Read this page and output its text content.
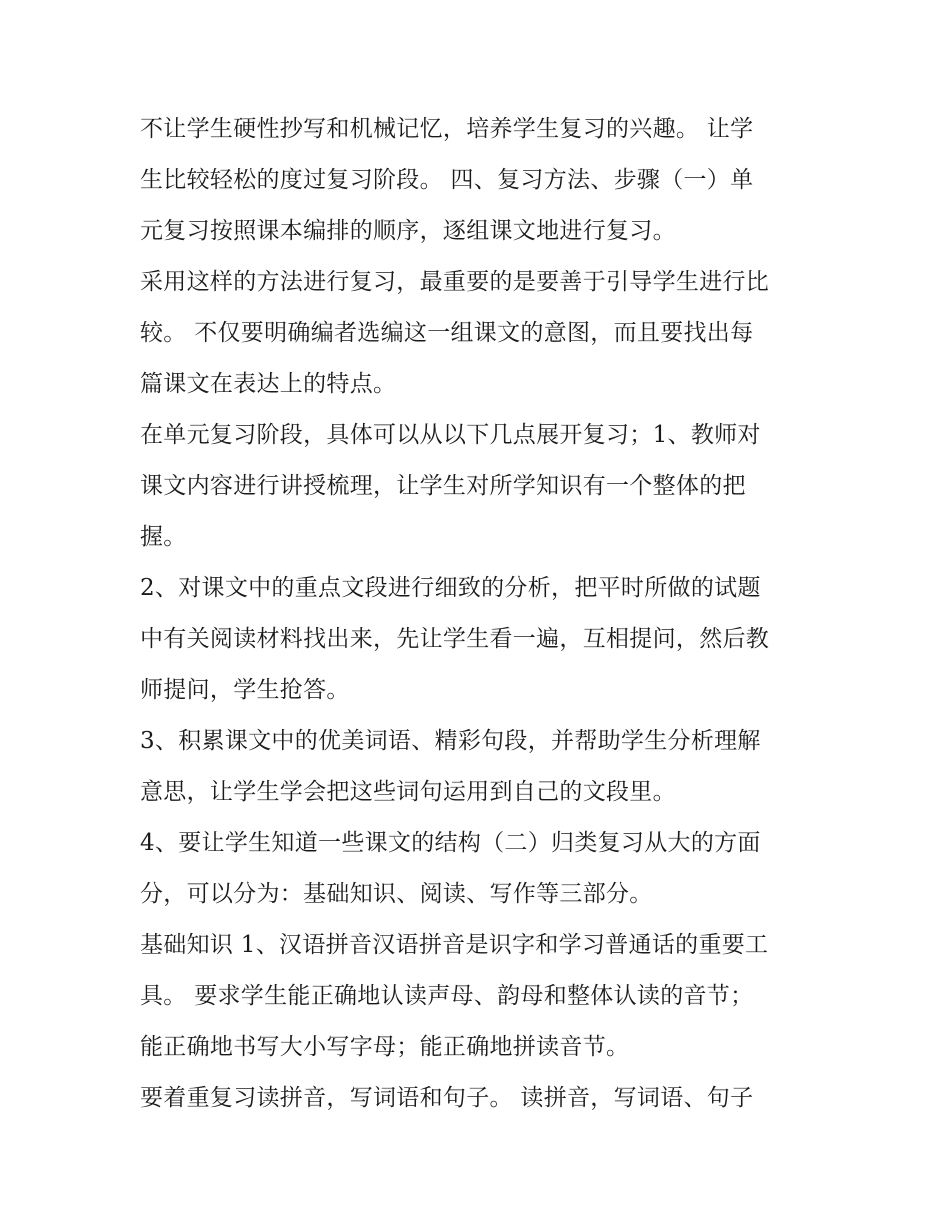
不让学生硬性抄写和机械记忆，培养学生复习的兴趣。 让学
生比较轻松的度过复习阶段。 四、复习方法、步骤（一）单
元复习按照课本编排的顺序，逐组课文地进行复习。
采用这样的方法进行复习，最重要的是要善于引导学生进行比
较。 不仅要明确编者选编这一组课文的意图，而且要找出每
篇课文在表达上的特点。
在单元复习阶段，具体可以从以下几点展开复习；1、教师对
课文内容进行讲授梳理，让学生对所学知识有一个整体的把
握。
2、对课文中的重点文段进行细致的分析，把平时所做的试题
中有关阅读材料找出来，先让学生看一遍，互相提问，然后教
师提问，学生抢答。
3、积累课文中的优美词语、精彩句段，并帮助学生分析理解
意思，让学生学会把这些词句运用到自己的文段里。
4、要让学生知道一些课文的结构（二）归类复习从大的方面
分，可以分为：基础知识、阅读、写作等三部分。
基础知识 1、汉语拼音汉语拼音是识字和学习普通话的重要工
具。 要求学生能正确地认读声母、韵母和整体认读的音节；
能正确地书写大小写字母；能正确地拼读音节。
要着重复习读拼音，写词语和句子。 读拼音，写词语、句子
